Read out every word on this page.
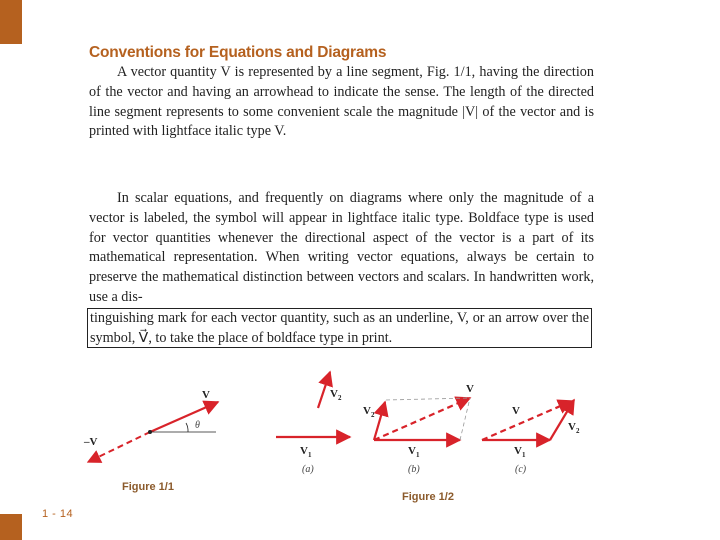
1 - 14
Conventions for Equations and Diagrams

A vector quantity V is represented by a line segment, Fig. 1/1, having the direction of the vector and having an arrowhead to indicate the sense. The length of the directed line segment represents to some convenient scale the magnitude |V| of the vector and is printed with lightface italic type V.

In scalar equations, and frequently on diagrams where only the magnitude of a vector is labeled, the symbol will appear in lightface italic type. Boldface type is used for vector quantities whenever the directional aspect of the vector is a part of its mathematical representation. When writing vector equations, always be certain to preserve the mathematical distinction between vectors and scalars. In handwritten work, use a dis-

tinguishing mark for each vector quantity, such as an underline, V, or an arrow over the symbol, V⃗, to take the place of boldface type in print.

V
–V
θ
Figure 1/1
$V_2$
$V_1$
(a)
V
$V_2$
$V_1$
(b)
V
$V_2$
$V_1$
(c)
Figure 1/2
